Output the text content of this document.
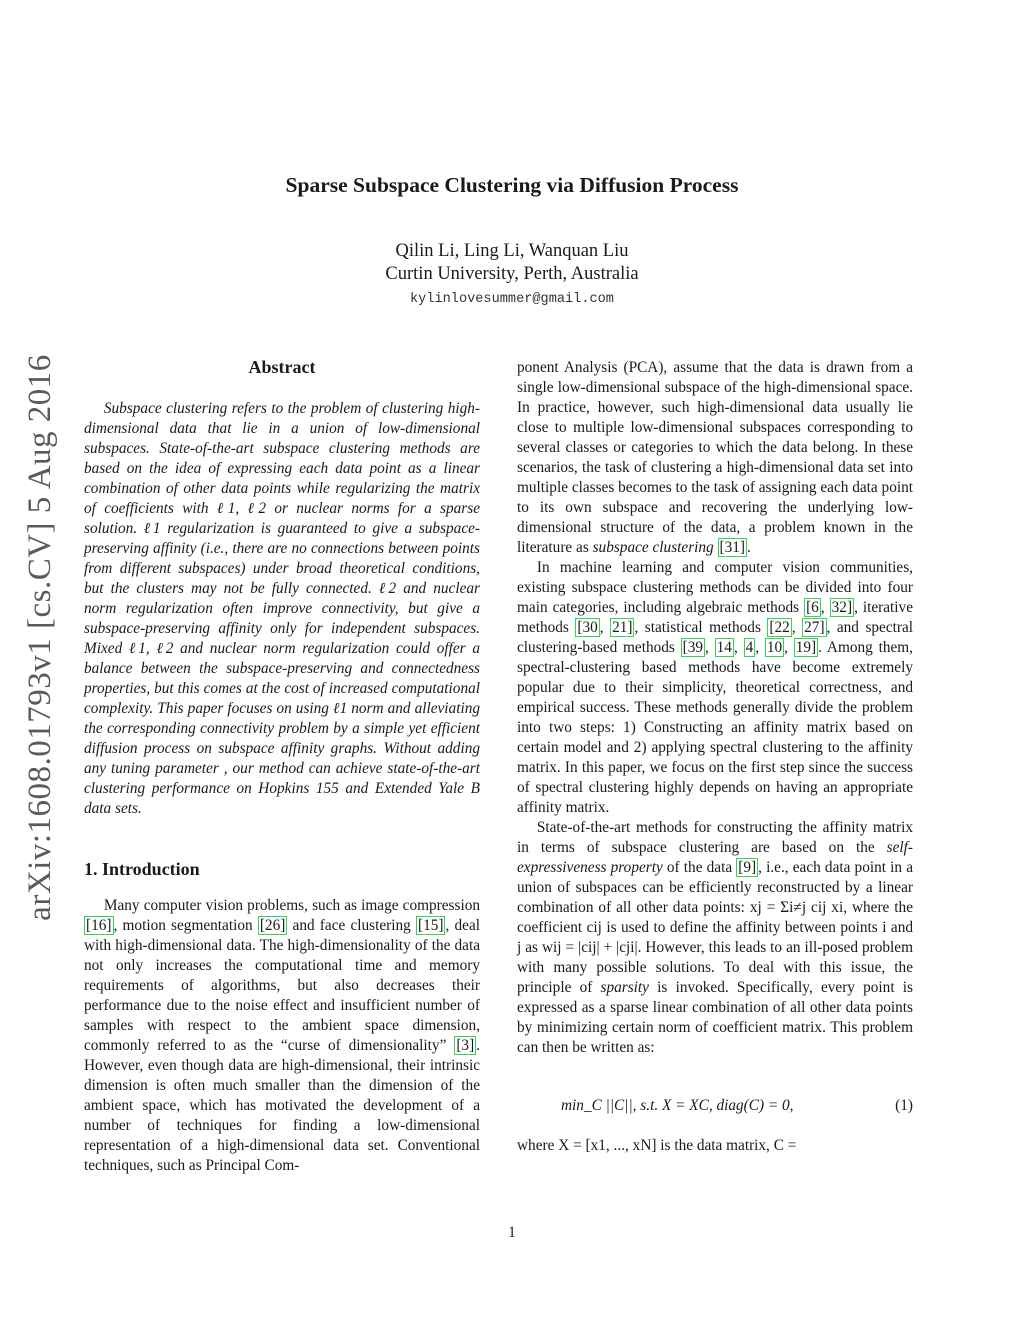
arXiv:1608.01793v1 [cs.CV] 5 Aug 2016
Sparse Subspace Clustering via Diffusion Process
Qilin Li, Ling Li, Wanquan Liu
Curtin University, Perth, Australia
kylinlovesummer@gmail.com
Abstract

Subspace clustering refers to the problem of clustering high-dimensional data that lie in a union of low-dimensional subspaces. State-of-the-art subspace clustering methods are based on the idea of expressing each data point as a linear combination of other data points while regularizing the matrix of coefficients with ℓ1, ℓ2 or nuclear norms for a sparse solution. ℓ1 regularization is guaranteed to give a subspace-preserving affinity (i.e., there are no connections between points from different subspaces) under broad theoretical conditions, but the clusters may not be fully connected. ℓ2 and nuclear norm regularization often improve connectivity, but give a subspace-preserving affinity only for independent subspaces. Mixed ℓ1, ℓ2 and nuclear norm regularization could offer a balance between the subspace-preserving and connectedness properties, but this comes at the cost of increased computational complexity. This paper focuses on using ℓ1 norm and alleviating the corresponding connectivity problem by a simple yet efficient diffusion process on subspace affinity graphs. Without adding any tuning parameter , our method can achieve state-of-the-art clustering performance on Hopkins 155 and Extended Yale B data sets.

1. Introduction

Many computer vision problems, such as image compression [16] , motion segmentation [26] and face clustering [15] , deal with high-dimensional data. The high-dimensionality of the data not only increases the computational time and memory requirements of algorithms, but also decreases their performance due to the noise effect and insufficient number of samples with respect to the ambient space dimension, commonly referred to as the “curse of dimensionality” [3] . However, even though data are high-dimensional, their intrinsic dimension is often much smaller than the dimension of the ambient space, which has motivated the development of a number of techniques for finding a low-dimensional representation of a high-dimensional data set. Conventional techniques, such as Principal Com-

ponent Analysis (PCA), assume that the data is drawn from a single low-dimensional subspace of the high-dimensional space. In practice, however, such high-dimensional data usually lie close to multiple low-dimensional subspaces corresponding to several classes or categories to which the data belong. In these scenarios, the task of clustering a high-dimensional data set into multiple classes becomes to the task of assigning each data point to its own subspace and recovering the underlying low-dimensional structure of the data, a problem known in the literature as subspace clustering [31] .

In machine learning and computer vision communities, existing subspace clustering methods can be divided into four main categories, including algebraic methods [6 , 32] , iterative methods [30 , 21] , statistical methods [22 , 27] , and spectral clustering-based methods [39 , 14 , 4 , 10 , 19] . Among them, spectral-clustering based methods have become extremely popular due to their simplicity, theoretical correctness, and empirical success. These methods generally divide the problem into two steps: 1) Constructing an affinity matrix based on certain model and 2) applying spectral clustering to the affinity matrix. In this paper, we focus on the first step since the success of spectral clustering highly depends on having an appropriate affinity matrix.

State-of-the-art methods for constructing the affinity matrix in terms of subspace clustering are based on the self-expressiveness property of the data [9] , i.e., each data point in a union of subspaces can be efficiently reconstructed by a linear combination of all other data points: xj = Σi≠j cij xi, where the coefficient cij is used to define the affinity between points i and j as wij = |cij| + |cji|. However, this leads to an ill-posed problem with many possible solutions. To deal with this issue, the principle of sparsity is invoked. Specifically, every point is expressed as a sparse linear combination of all other data points by minimizing certain norm of coefficient matrix. This problem can then be written as:

min_C ||C||, s.t. X = XC, diag(C) = 0,	(1)

where X = [x1, ..., xN] is the data matrix, C =

1
